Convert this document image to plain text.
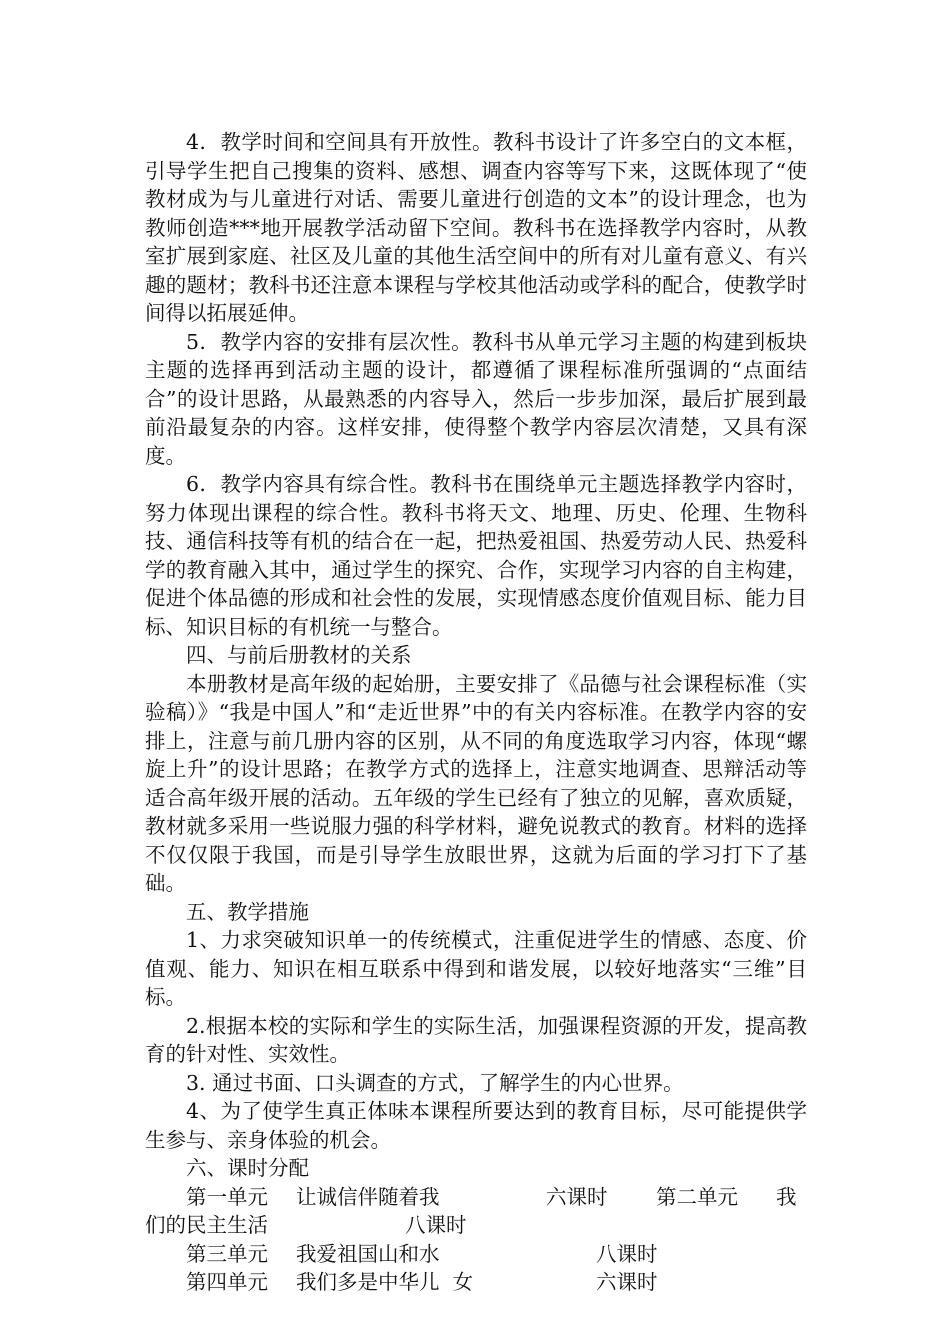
4．教学时间和空间具有开放性。教科书设计了许多空白的文本框，引导学生把自己搜集的资料、感想、调查内容等写下来，这既体现了“使教材成为与儿童进行对话、需要儿童进行创造的文本”的设计理念，也为教师创造***地开展教学活动留下空间。教科书在选择教学内容时，从教室扩展到家庭、社区及儿童的其他生活空间中的所有对儿童有意义、有兴趣的题材；教科书还注意本课程与学校其他活动或学科的配合，使教学时间得以拓展延伸。

5．教学内容的安排有层次性。教科书从单元学习主题的构建到板块主题的选择再到活动主题的设计，都遵循了课程标准所强调的“点面结合”的设计思路，从最熟悉的内容导入，然后一步步加深，最后扩展到最前沿最复杂的内容。这样安排，使得整个教学内容层次清楚，又具有深度。

6．教学内容具有综合性。教科书在围绕单元主题选择教学内容时，努力体现出课程的综合性。教科书将天文、地理、历史、伦理、生物科技、通信科技等有机的结合在一起，把热爱祖国、热爱劳动人民、热爱科学的教育融入其中，通过学生的探究、合作，实现学习内容的自主构建，促进个体品德的形成和社会性的发展，实现情感态度价值观目标、能力目标、知识目标的有机统一与整合。

四、与前后册教材的关系

本册教材是高年级的起始册，主要安排了《品德与社会课程标准（实验稿）》“我是中国人”和“走近世界”中的有关内容标准。在教学内容的安排上，注意与前几册内容的区别，从不同的角度选取学习内容，体现“螺旋上升”的设计思路；在教学方式的选择上，注意实地调查、思辩活动等适合高年级开展的活动。五年级的学生已经有了独立的见解，喜欢质疑，教材就多采用一些说服力强的科学材料，避免说教式的教育。材料的选择不仅仅限于我国，而是引导学生放眼世界，这就为后面的学习打下了基础。

五、教学措施

1、力求突破知识单一的传统模式，注重促进学生的情感、态度、价值观、能力、知识在相互联系中得到和谐发展，以较好地落实“三维”目标。

2.根据本校的实际和学生的实际生活，加强课程资源的开发，提高教育的针对性、实效性。

3. 通过书面、口头调查的方式，了解学生的内心世界。

4、为了使学生真正体味本课程所要达到的教育目标，尽可能提供学生参与、亲身体验的机会。

六、课时分配

第一单元	让诚信伴随着我	六课时	第二单元	我
们的民主生活	八课时
第三单元	我爱祖国山和水	八课时
第四单元	我们多是中华儿  女	六课时
